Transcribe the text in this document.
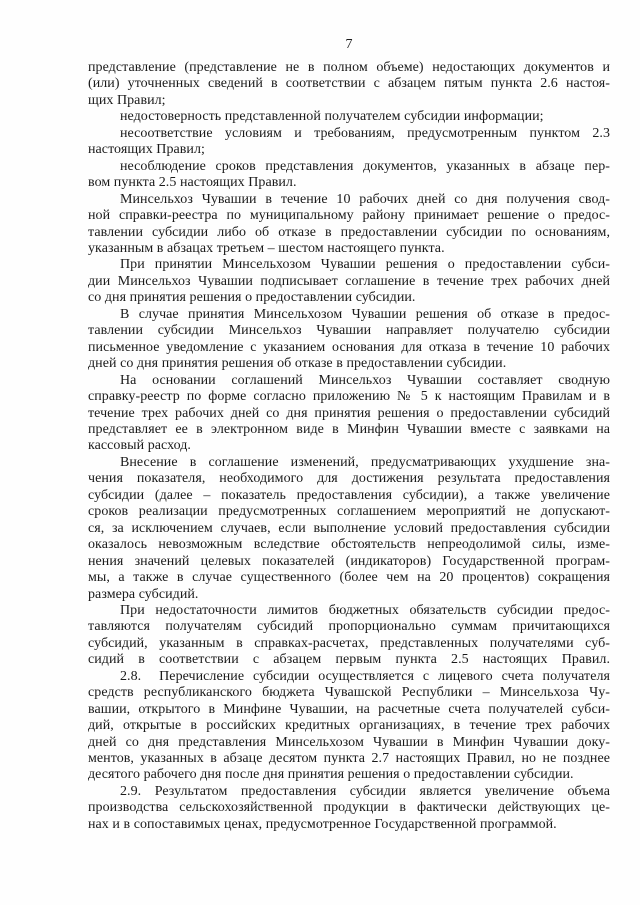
7
представление (представление не в полном объеме) недостающих документов и
(или) уточненных сведений в соответствии с абзацем пятым пункта 2.6 настоя-
щих Правил;
недостоверность представленной получателем субсидии информации;
несоответствие условиям и требованиям, предусмотренным пунктом 2.3
настоящих Правил;
несоблюдение сроков представления документов, указанных в абзаце пер-
вом пункта 2.5 настоящих Правил.
Минсельхоз Чувашии в течение 10 рабочих дней со дня получения свод-
ной справки-реестра по муниципальному району принимает решение о предос-
тавлении субсидии либо об отказе в предоставлении субсидии по основаниям,
указанным в абзацах третьем – шестом настоящего пункта.
При принятии Минсельхозом Чувашии решения о предоставлении субси-
дии Минсельхоз Чувашии подписывает соглашение в течение трех рабочих дней
со дня принятия решения о предоставлении субсидии.
В случае принятия Минсельхозом Чувашии решения об отказе в предос-
тавлении субсидии Минсельхоз Чувашии направляет получателю субсидии
письменное уведомление с указанием основания для отказа в течение 10 рабочих
дней со дня принятия решения об отказе в предоставлении субсидии.
На основании соглашений Минсельхоз Чувашии составляет сводную
справку-реестр по форме согласно приложению № 5 к настоящим Правилам и в
течение трех рабочих дней со дня принятия решения о предоставлении субсидий
представляет ее в электронном виде в Минфин Чувашии вместе с заявками на
кассовый расход.
Внесение в соглашение изменений, предусматривающих ухудшение зна-
чения показателя, необходимого для достижения результата предоставления
субсидии (далее – показатель предоставления субсидии), а также увеличение
сроков реализации предусмотренных соглашением мероприятий не допускают-
ся, за исключением случаев, если выполнение условий предоставления субсидии
оказалось невозможным вследствие обстоятельств непреодолимой силы, изме-
нения значений целевых показателей (индикаторов) Государственной програм-
мы, а также в случае существенного (более чем на 20 процентов) сокращения
размера субсидий.
При недостаточности лимитов бюджетных обязательств субсидии предос-
тавляются получателям субсидий пропорционально суммам причитающихся
субсидий, указанным в справках-расчетах, представленных получателями суб-
сидий в соответствии с абзацем первым пункта 2.5 настоящих Правил.
2.8.  Перечисление субсидии осуществляется с лицевого счета получателя
средств республиканского бюджета Чувашской Республики – Минсельхоза Чу-
вашии, открытого в Минфине Чувашии, на расчетные счета получателей субси-
дий, открытые в российских кредитных организациях, в течение трех рабочих
дней со дня представления Минсельхозом Чувашии в Минфин Чувашии доку-
ментов, указанных в абзаце десятом пункта 2.7 настоящих Правил, но не позднее
десятого рабочего дня после дня принятия решения о предоставлении субсидии.
2.9. Результатом предоставления субсидии является увеличение объема
производства сельскохозяйственной продукции в фактически действующих це-
нах и в сопоставимых ценах, предусмотренное Государственной программой.
